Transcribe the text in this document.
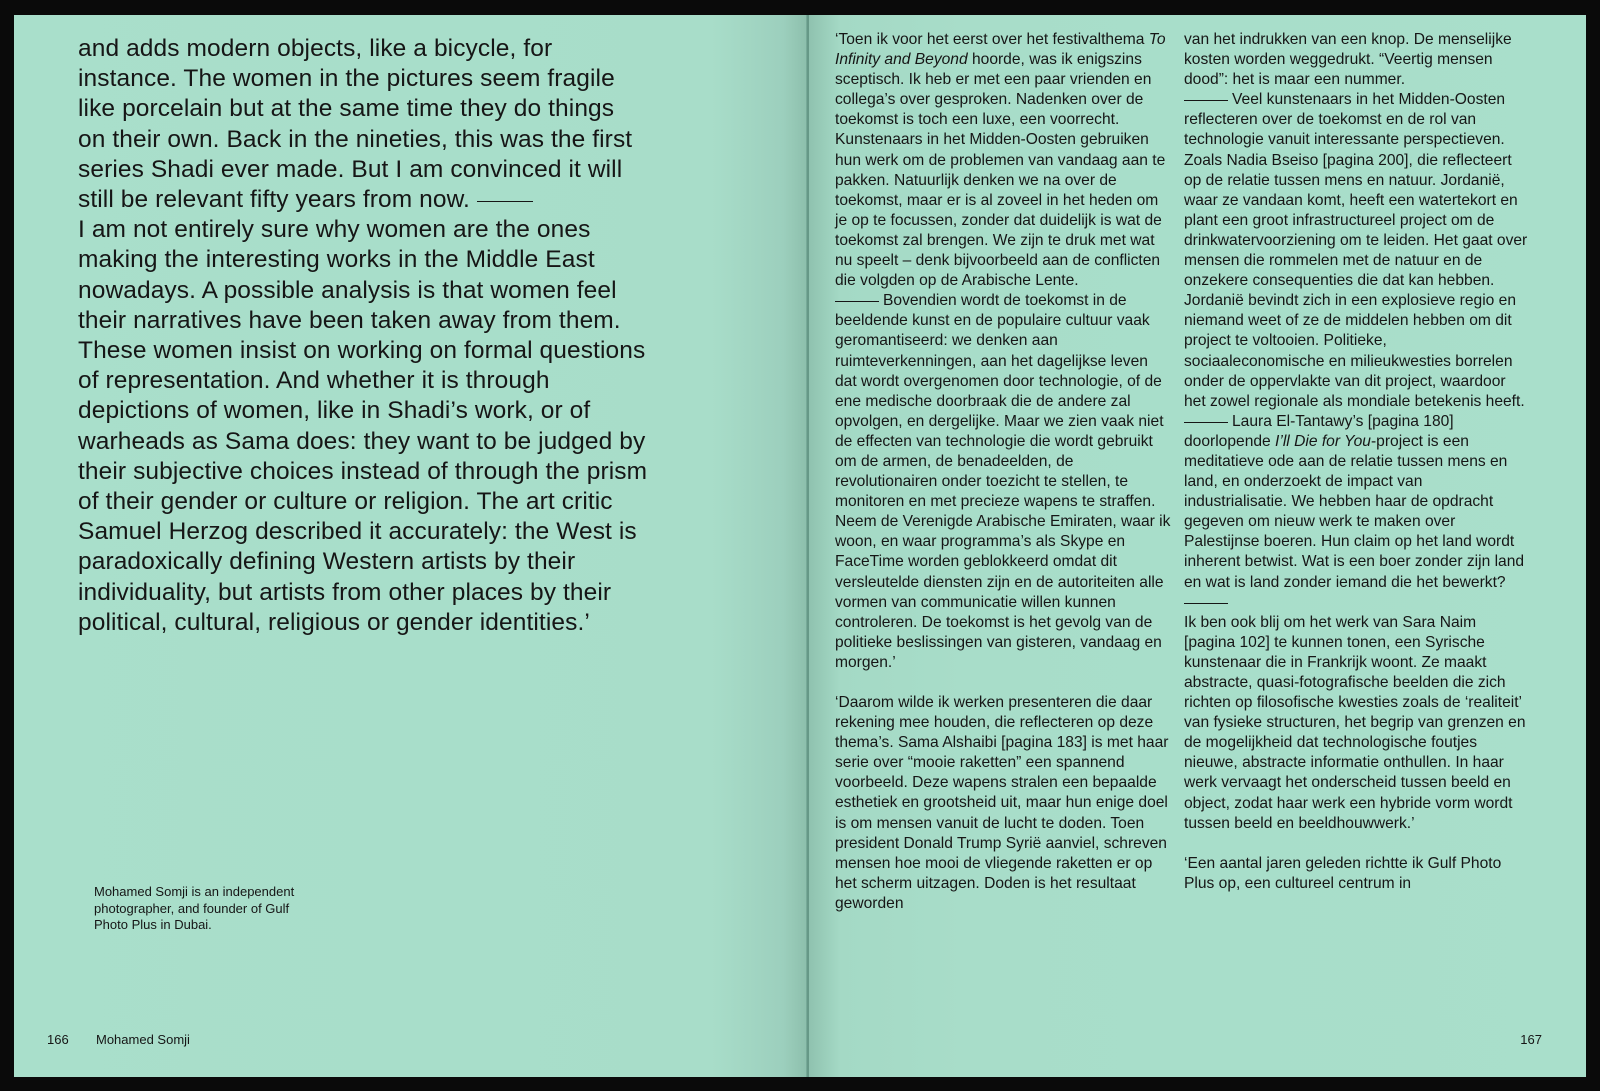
and adds modern objects, like a bicycle, for instance. The women in the pictures seem fragile like porcelain but at the same time they do things on their own. Back in the nineties, this was the first series Shadi ever made. But I am convinced it will still be relevant fifty years from now.

I am not entirely sure why women are the ones making the interesting works in the Middle East nowadays. A possible analysis is that women feel their narratives have been taken away from them. These women insist on working on formal questions of representation. And whether it is through depictions of women, like in Shadi’s work, or of warheads as Sama does: they want to be judged by their subjective choices instead of through the prism of their gender or culture or religion. The art critic Samuel Herzog described it accurately: the West is paradoxically defining Western artists by their individuality, but artists from other places by their political, cultural, religious or gender identities.’

Mohamed Somji is an independent photographer, and founder of Gulf Photo Plus in Dubai.
166 Mohamed Somji

‘Toen ik voor het eerst over het festivalthema To Infinity and Beyond hoorde, was ik enigszins sceptisch. Ik heb er met een paar vrienden en collega’s over gesproken. Nadenken over de toekomst is toch een luxe, een voorrecht. Kunstenaars in het Midden-Oosten gebruiken hun werk om de problemen van vandaag aan te pakken. Natuurlijk denken we na over de toekomst, maar er is al zoveel in het heden om je op te focussen, zonder dat duidelijk is wat de toekomst zal brengen. We zijn te druk met wat nu speelt – denk bijvoorbeeld aan de conflicten die volgden op de Arabische Lente.

Bovendien wordt de toekomst in de beeldende kunst en de populaire cultuur vaak geromantiseerd: we denken aan ruimteverkenningen, aan het dagelijkse leven dat wordt overgenomen door technologie, of de ene medische doorbraak die de andere zal opvolgen, en dergelijke. Maar we zien vaak niet de effecten van technologie die wordt gebruikt om de armen, de benadeelden, de revolutionairen onder toezicht te stellen, te monitoren en met precieze wapens te straffen. Neem de Verenigde Arabische Emiraten, waar ik woon, en waar programma’s als Skype en FaceTime worden geblokkeerd omdat dit versleutelde diensten zijn en de autoriteiten alle vormen van communicatie willen kunnen controleren. De toekomst is het gevolg van de politieke beslissingen van gisteren, vandaag en morgen.’

‘Daarom wilde ik werken presenteren die daar rekening mee houden, die reflecteren op deze thema’s. Sama Alshaibi [pagina 183] is met haar serie over “mooie raketten” een spannend voorbeeld. Deze wapens stralen een bepaalde esthetiek en grootsheid uit, maar hun enige doel is om mensen vanuit de lucht te doden. Toen president Donald Trump Syrië aanviel, schreven mensen hoe mooi de vliegende raketten er op het scherm uitzagen. Doden is het resultaat geworden

van het indrukken van een knop. De menselijke kosten worden weggedrukt. “Veertig mensen dood”: het is maar een nummer.

Veel kunstenaars in het Midden-Oosten reflecteren over de toekomst en de rol van technologie vanuit interessante perspectieven. Zoals Nadia Bseiso [pagina 200], die reflecteert op de relatie tussen mens en natuur. Jordanië, waar ze vandaan komt, heeft een watertekort en plant een groot infrastructureel project om de drinkwatervoorziening om te leiden. Het gaat over mensen die rommelen met de natuur en de onzekere consequenties die dat kan hebben. Jordanië bevindt zich in een explosieve regio en niemand weet of ze de middelen hebben om dit project te voltooien. Politieke, sociaaleconomische en milieukwesties borrelen onder de oppervlakte van dit project, waardoor het zowel regionale als mondiale betekenis heeft. Laura El-Tantawy’s [pagina 180] doorlopende I’ll Die for You-project is een meditatieve ode aan de relatie tussen mens en land, en onderzoekt de impact van industrialisatie. We hebben haar de opdracht gegeven om nieuw werk te maken over Palestijnse boeren. Hun claim op het land wordt inherent betwist. Wat is een boer zonder zijn land en wat is land zonder iemand die het bewerkt?

Ik ben ook blij om het werk van Sara Naim [pagina 102] te kunnen tonen, een Syrische kunstenaar die in Frankrijk woont. Ze maakt abstracte, quasi-fotografische beelden die zich richten op filosofische kwesties zoals de ‘realiteit’ van fysieke structuren, het begrip van grenzen en de mogelijkheid dat technologische foutjes nieuwe, abstracte informatie onthullen. In haar werk vervaagt het onderscheid tussen beeld en object, zodat haar werk een hybride vorm wordt tussen beeld en beeldhouwwerk.’

‘Een aantal jaren geleden richtte ik Gulf Photo Plus op, een cultureel centrum in

167
